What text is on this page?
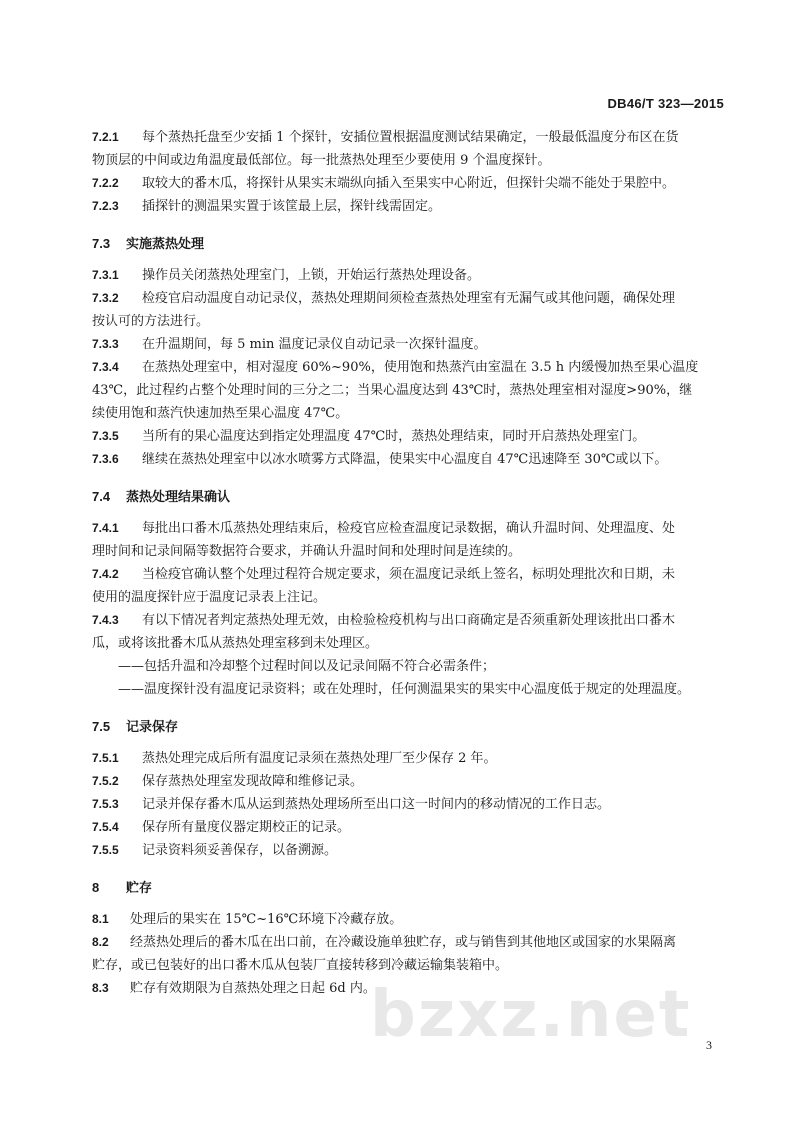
DB46/T 323—2015
7.2.1 每个蒸热托盘至少安插 1 个探针，安插位置根据温度测试结果确定，一般最低温度分布区在货
物顶层的中间或边角温度最低部位。每一批蒸热处理至少要使用 9 个温度探针。
7.2.2 取较大的番木瓜，将探针从果实末端纵向插入至果实中心附近，但探针尖端不能处于果腔中。
7.2.3 插探针的测温果实置于该筐最上层，探针线需固定。
7.3 实施蒸热处理
7.3.1 操作员关闭蒸热处理室门，上锁，开始运行蒸热处理设备。
7.3.2 检疫官启动温度自动记录仪，蒸热处理期间须检查蒸热处理室有无漏气或其他问题，确保处理
按认可的方法进行。
7.3.3 在升温期间，每 5 min 温度记录仪自动记录一次探针温度。
7.3.4 在蒸热处理室中，相对湿度 60%~90%，使用饱和热蒸汽由室温在 3.5 h 内缓慢加热至果心温度
43℃，此过程约占整个处理时间的三分之二；当果心温度达到 43℃时，蒸热处理室相对湿度>90%，继
续使用饱和蒸汽快速加热至果心温度 47℃。
7.3.5 当所有的果心温度达到指定处理温度 47℃时，蒸热处理结束，同时开启蒸热处理室门。
7.3.6 继续在蒸热处理室中以冰水喷雾方式降温，使果实中心温度自 47℃迅速降至 30℃或以下。
7.4 蒸热处理结果确认
7.4.1 每批出口番木瓜蒸热处理结束后，检疫官应检查温度记录数据，确认升温时间、处理温度、处
理时间和记录间隔等数据符合要求，并确认升温时间和处理时间是连续的。
7.4.2 当检疫官确认整个处理过程符合规定要求，须在温度记录纸上签名，标明处理批次和日期，未
使用的温度探针应于温度记录表上注记。
7.4.3 有以下情况者判定蒸热处理无效，由检验检疫机构与出口商确定是否须重新处理该批出口番木
瓜，或将该批番木瓜从蒸热处理室移到未处理区。
——包括升温和冷却整个过程时间以及记录间隔不符合必需条件；
——温度探针没有温度记录资料；或在处理时，任何测温果实的果实中心温度低于规定的处理温度。
7.5 记录保存
7.5.1 蒸热处理完成后所有温度记录须在蒸热处理厂至少保存 2 年。
7.5.2 保存蒸热处理室发现故障和维修记录。
7.5.3 记录并保存番木瓜从运到蒸热处理场所至出口这一时间内的移动情况的工作日志。
7.5.4 保存所有量度仪器定期校正的记录。
7.5.5 记录资料须妥善保存，以备溯源。
8 贮存
8.1 处理后的果实在 15℃~16℃环境下冷藏存放。
8.2 经蒸热处理后的番木瓜在出口前，在冷藏设施单独贮存，或与销售到其他地区或国家的水果隔离
贮存，或已包装好的出口番木瓜从包装厂直接转移到冷藏运输集装箱中。
8.3 贮存有效期限为自蒸热处理之日起 6d 内。
bzxz.net 3
